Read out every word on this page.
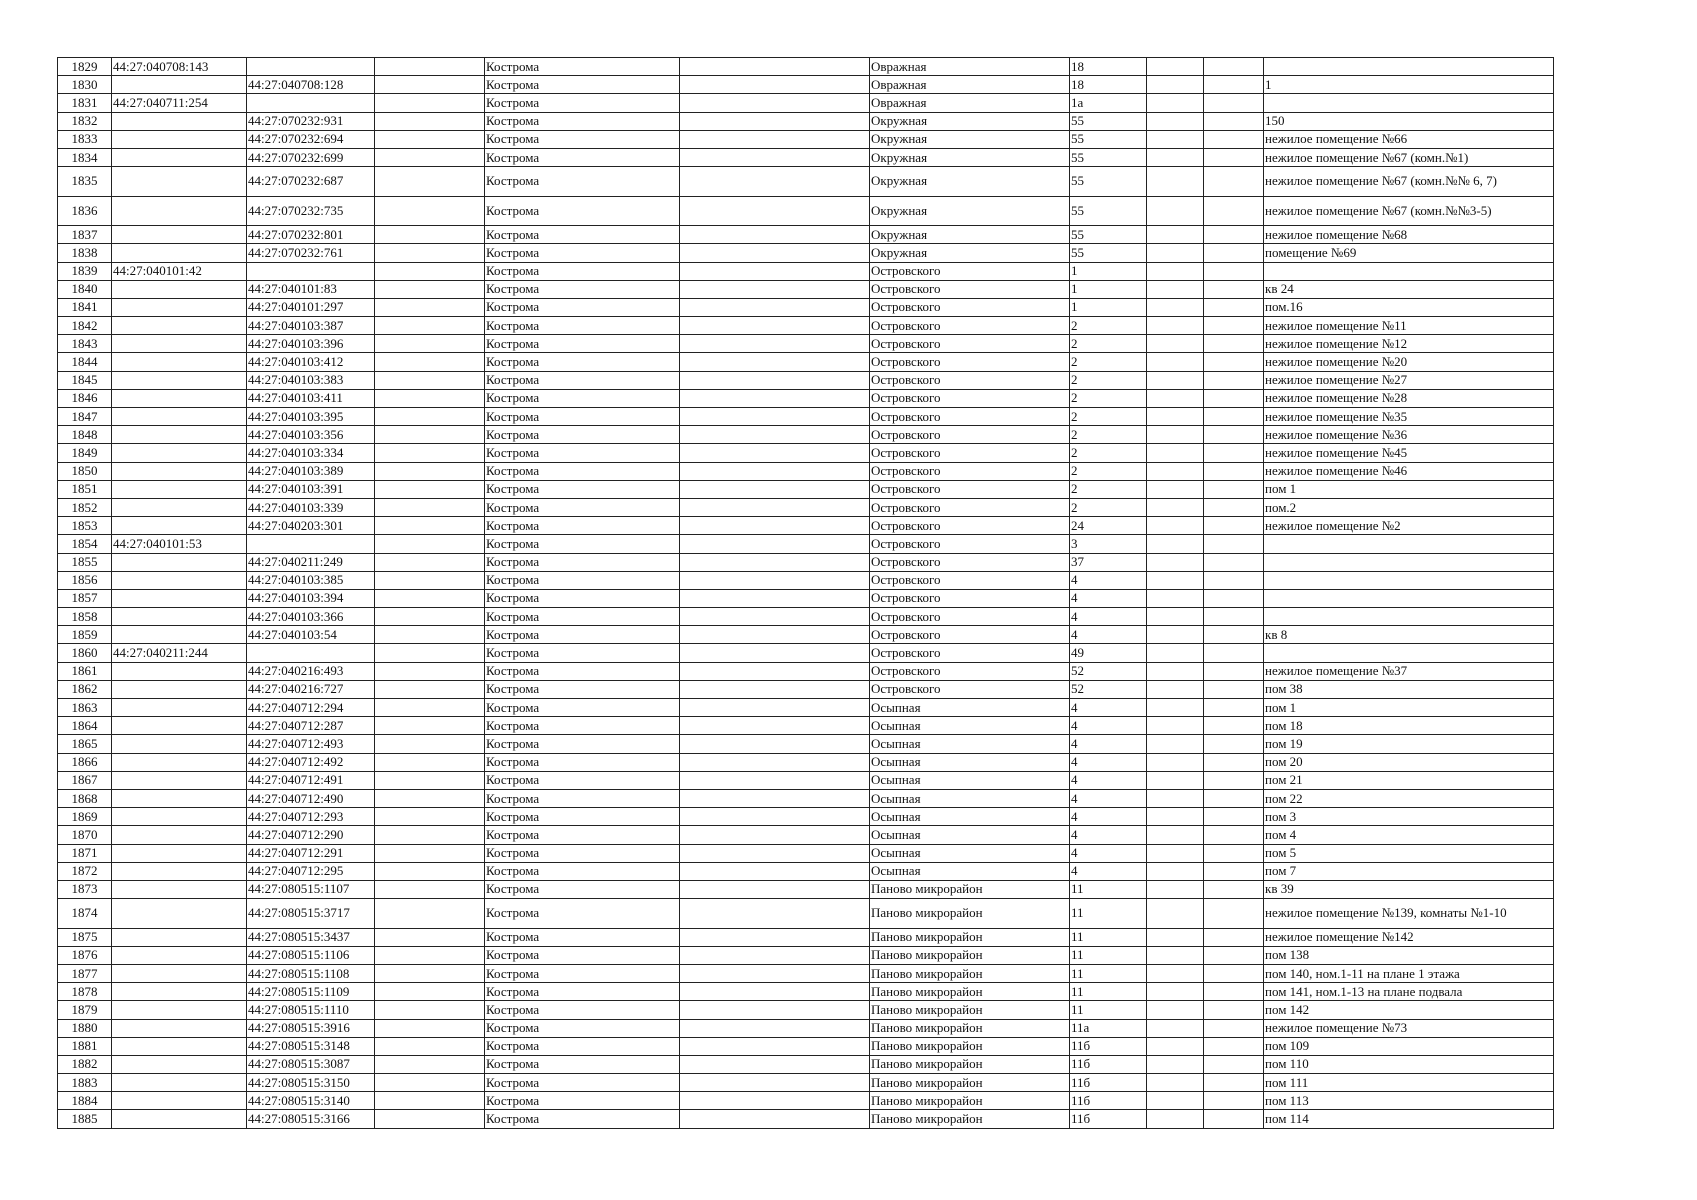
1829	44:27:040708:143			Кострома		Овражная	18			
1830		44:27:040708:128		Кострома		Овражная	18			1
1831	44:27:040711:254			Кострома		Овражная	1а			
1832		44:27:070232:931		Кострома		Окружная	55			150
1833		44:27:070232:694		Кострома		Окружная	55			нежилое помещение №66
1834		44:27:070232:699		Кострома		Окружная	55			нежилое помещение №67 (комн.№1)
1835		44:27:070232:687		Кострома		Окружная	55			нежилое помещение №67 (комн.№№ 6, 7)
1836		44:27:070232:735		Кострома		Окружная	55			нежилое помещение №67 (комн.№№3-5)
1837		44:27:070232:801		Кострома		Окружная	55			нежилое помещение №68
1838		44:27:070232:761		Кострома		Окружная	55			помещение №69
1839	44:27:040101:42			Кострома		Островского	1			
1840		44:27:040101:83		Кострома		Островского	1			кв 24
1841		44:27:040101:297		Кострома		Островского	1			пом.16
1842		44:27:040103:387		Кострома		Островского	2			нежилое помещение №11
1843		44:27:040103:396		Кострома		Островского	2			нежилое помещение №12
1844		44:27:040103:412		Кострома		Островского	2			нежилое помещение №20
1845		44:27:040103:383		Кострома		Островского	2			нежилое помещение №27
1846		44:27:040103:411		Кострома		Островского	2			нежилое помещение №28
1847		44:27:040103:395		Кострома		Островского	2			нежилое помещение №35
1848		44:27:040103:356		Кострома		Островского	2			нежилое помещение №36
1849		44:27:040103:334		Кострома		Островского	2			нежилое помещение №45
1850		44:27:040103:389		Кострома		Островского	2			нежилое помещение №46
1851		44:27:040103:391		Кострома		Островского	2			пом 1
1852		44:27:040103:339		Кострома		Островского	2			пом.2
1853		44:27:040203:301		Кострома		Островского	24			нежилое помещение №2
1854	44:27:040101:53			Кострома		Островского	3			
1855		44:27:040211:249		Кострома		Островского	37			
1856		44:27:040103:385		Кострома		Островского	4			
1857		44:27:040103:394		Кострома		Островского	4			
1858		44:27:040103:366		Кострома		Островского	4			
1859		44:27:040103:54		Кострома		Островского	4			кв 8
1860	44:27:040211:244			Кострома		Островского	49			
1861		44:27:040216:493		Кострома		Островского	52			нежилое помещение №37
1862		44:27:040216:727		Кострома		Островского	52			пом 38
1863		44:27:040712:294		Кострома		Осыпная	4			пом 1
1864		44:27:040712:287		Кострома		Осыпная	4			пом 18
1865		44:27:040712:493		Кострома		Осыпная	4			пом 19
1866		44:27:040712:492		Кострома		Осыпная	4			пом 20
1867		44:27:040712:491		Кострома		Осыпная	4			пом 21
1868		44:27:040712:490		Кострома		Осыпная	4			пом 22
1869		44:27:040712:293		Кострома		Осыпная	4			пом 3
1870		44:27:040712:290		Кострома		Осыпная	4			пом 4
1871		44:27:040712:291		Кострома		Осыпная	4			пом 5
1872		44:27:040712:295		Кострома		Осыпная	4			пом 7
1873		44:27:080515:1107		Кострома		Паново микрорайон	11			кв 39
1874		44:27:080515:3717		Кострома		Паново микрорайон	11			нежилое помещение №139, комнаты №1-10
1875		44:27:080515:3437		Кострома		Паново микрорайон	11			нежилое помещение №142
1876		44:27:080515:1106		Кострома		Паново микрорайон	11			пом 138
1877		44:27:080515:1108		Кострома		Паново микрорайон	11			пом 140, ном.1-11 на плане 1 этажа
1878		44:27:080515:1109		Кострома		Паново микрорайон	11			пом 141, ном.1-13 на плане подвала
1879		44:27:080515:1110		Кострома		Паново микрорайон	11			пом 142
1880		44:27:080515:3916		Кострома		Паново микрорайон	11а			нежилое помещение №73
1881		44:27:080515:3148		Кострома		Паново микрорайон	11б			пом 109
1882		44:27:080515:3087		Кострома		Паново микрорайон	11б			пом 110
1883		44:27:080515:3150		Кострома		Паново микрорайон	11б			пом 111
1884		44:27:080515:3140		Кострома		Паново микрорайон	11б			пом 113
1885		44:27:080515:3166		Кострома		Паново микрорайон	11б			пом 114
